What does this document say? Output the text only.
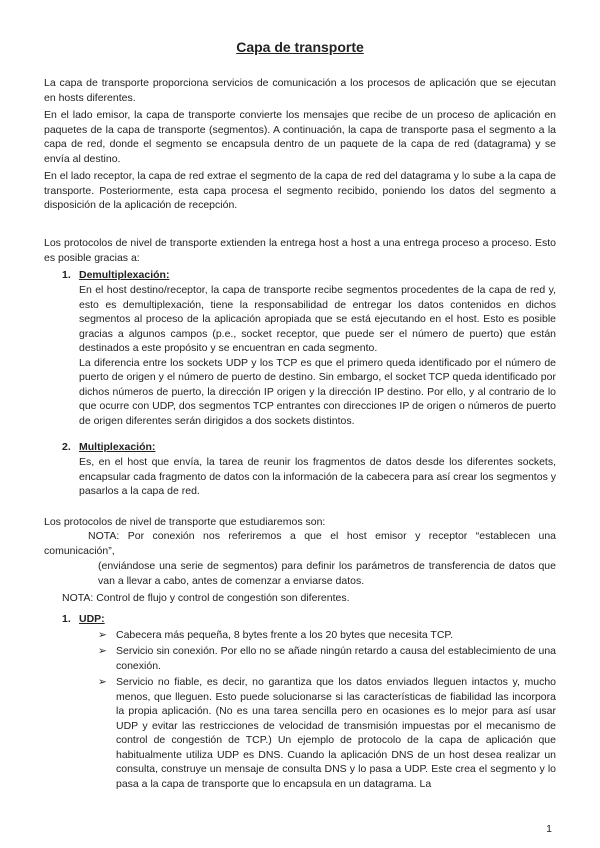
Capa de transporte

La capa de transporte proporciona servicios de comunicación a los procesos de aplicación que se ejecutan en hosts diferentes.

En el lado emisor, la capa de transporte convierte los mensajes que recibe de un proceso de aplicación en paquetes de la capa de transporte (segmentos). A continuación, la capa de transporte pasa el segmento a la capa de red, donde el segmento se encapsula dentro de un paquete de la capa de red (datagrama) y se envía al destino.

En el lado receptor, la capa de red extrae el segmento de la capa de red del datagrama y lo sube a la capa de transporte. Posteriormente, esta capa procesa el segmento recibido, poniendo los datos del segmento a disposición de la aplicación de recepción.

Los protocolos de nivel de transporte extienden la entrega host a host a una entrega proceso a proceso. Esto es posible gracias a:

1. Demultiplexación:

En el host destino/receptor, la capa de transporte recibe segmentos procedentes de la capa de red y, esto es demultiplexación, tiene la responsabilidad de entregar los datos contenidos en dichos segmentos al proceso de la aplicación apropiada que se está ejecutando en el host. Esto es posible gracias a algunos campos (p.e., socket receptor, que puede ser el número de puerto) que están destinados a este propósito y se encuentran en cada segmento.

La diferencia entre los sockets UDP y los TCP es que el primero queda identificado por el número de puerto de origen y el número de puerto de destino. Sin embargo, el socket TCP queda identificado por dichos números de puerto, la dirección IP origen y la dirección IP destino. Por ello, y al contrario de lo que ocurre con UDP, dos segmentos TCP entrantes con direcciones IP de origen o números de puerto de origen diferentes serán dirigidos a dos sockets distintos.

2. Multiplexación:

Es, en el host que envía, la tarea de reunir los fragmentos de datos desde los diferentes sockets, encapsular cada fragmento de datos con la información de la cabecera para así crear los segmentos y pasarlos a la capa de red.

Los protocolos de nivel de transporte que estudiaremos son:

NOTA: Por conexión nos referiremos a que el host emisor y receptor “establecen una comunicación”,

(enviándose una serie de segmentos) para definir los parámetros de transferencia de datos que van a llevar a cabo, antes de comenzar a enviarse datos.

NOTA: Control de flujo y control de congestión son diferentes.

1. UDP:
➢ Cabecera más pequeña, 8 bytes frente a los 20 bytes que necesita TCP.

➢ Servicio sin conexión. Por ello no se añade ningún retardo a causa del establecimiento de una conexión.

➢ Servicio no fiable, es decir, no garantiza que los datos enviados lleguen intactos y, mucho menos, que lleguen. Esto puede solucionarse si las características de fiabilidad las incorpora la propia aplicación. (No es una tarea sencilla pero en ocasiones es lo mejor para así usar UDP y evitar las restricciones de velocidad de transmisión impuestas por el mecanismo de control de congestión de TCP.) Un ejemplo de protocolo de la capa de aplicación que habitualmente utiliza UDP es DNS. Cuando la aplicación DNS de un host desea realizar un consulta, construye un mensaje de consulta DNS y lo pasa a UDP. Este crea el segmento y lo pasa a la capa de transporte que lo encapsula en un datagrama. La

1
